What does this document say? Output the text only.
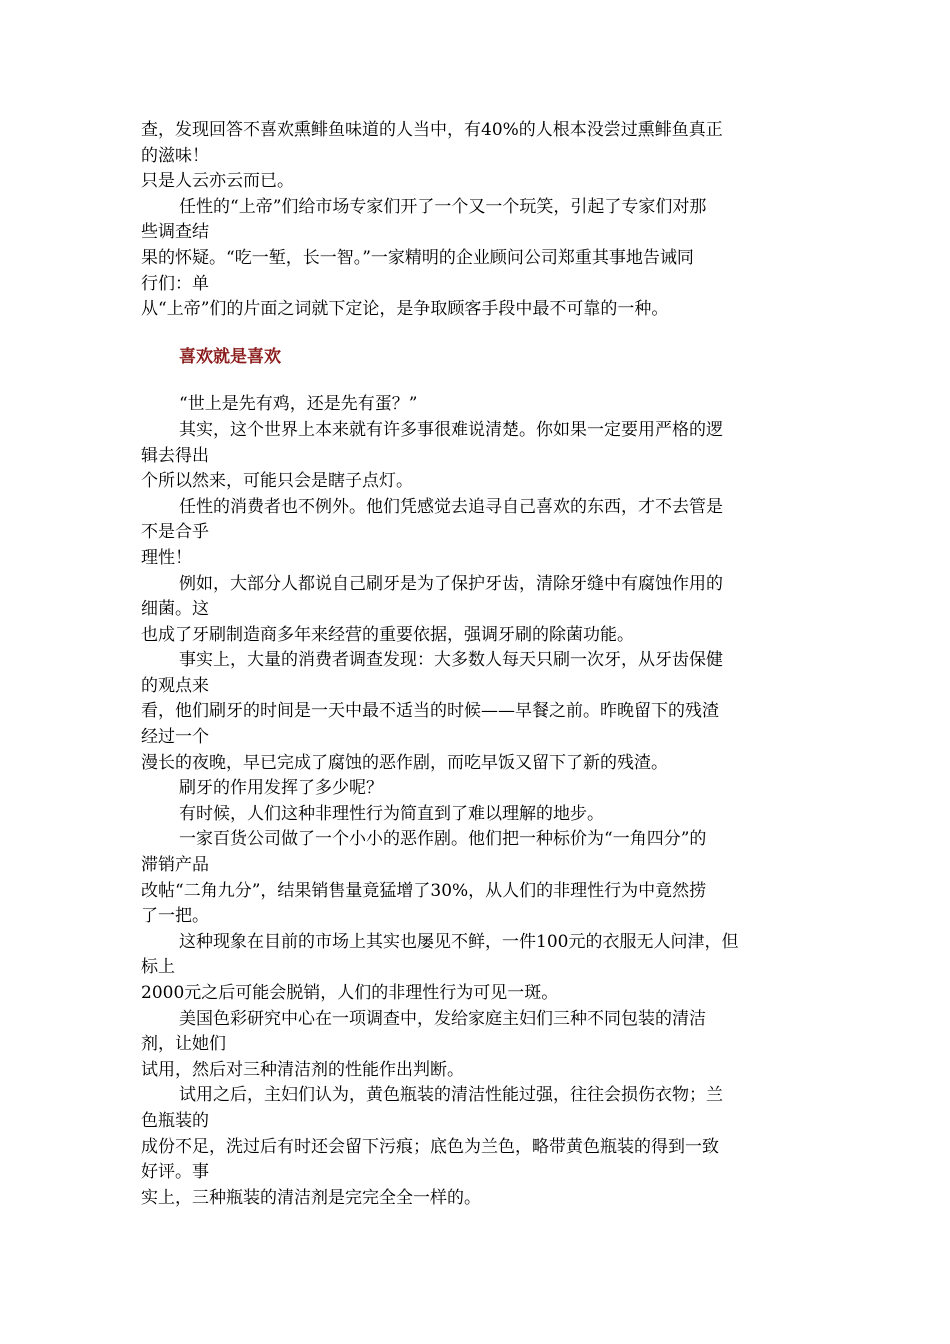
查，发现回答不喜欢熏鲱鱼味道的人当中，有40%的人根本没尝过熏鲱鱼真正
的滋味！
只是人云亦云而已。
任性的“上帝”们给市场专家们开了一个又一个玩笑，引起了专家们对那
些调查结
果的怀疑。“吃一堑，长一智。”一家精明的企业顾问公司郑重其事地告诫同
行们：单
从“上帝”们的片面之词就下定论，是争取顾客手段中最不可靠的一种。
喜欢就是喜欢
“世上是先有鸡，还是先有蛋？”
其实，这个世界上本来就有许多事很难说清楚。你如果一定要用严格的逻
辑去得出
个所以然来，可能只会是瞎子点灯。
任性的消费者也不例外。他们凭感觉去追寻自己喜欢的东西，才不去管是
不是合乎
理性！
例如，大部分人都说自己刷牙是为了保护牙齿，清除牙缝中有腐蚀作用的
细菌。这
也成了牙刷制造商多年来经营的重要依据，强调牙刷的除菌功能。
事实上，大量的消费者调查发现：大多数人每天只刷一次牙，从牙齿保健
的观点来
看，他们刷牙的时间是一天中最不适当的时候——早餐之前。昨晚留下的残渣
经过一个
漫长的夜晚，早已完成了腐蚀的恶作剧，而吃早饭又留下了新的残渣。
刷牙的作用发挥了多少呢？
有时候，人们这种非理性行为简直到了难以理解的地步。
一家百货公司做了一个小小的恶作剧。他们把一种标价为“一角四分”的
滞销产品
改帖“二角九分”，结果销售量竟猛增了30%，从人们的非理性行为中竟然捞
了一把。
这种现象在目前的市场上其实也屡见不鲜，一件100元的衣服无人问津，但
标上
2000元之后可能会脱销，人们的非理性行为可见一斑。
美国色彩研究中心在一项调查中，发给家庭主妇们三种不同包装的清洁
剂，让她们
试用，然后对三种清洁剂的性能作出判断。
试用之后，主妇们认为，黄色瓶装的清洁性能过强，往往会损伤衣物；兰
色瓶装的
成份不足，洗过后有时还会留下污痕；底色为兰色，略带黄色瓶装的得到一致
好评。事
实上，三种瓶装的清洁剂是完完全全一样的。
